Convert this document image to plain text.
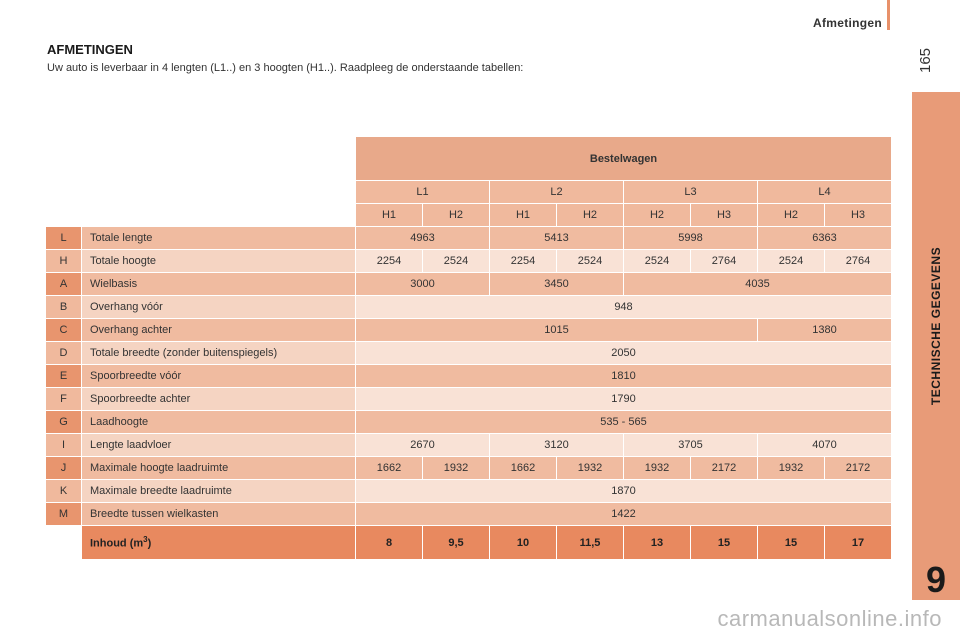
Afmetingen
165
TECHNISCHE GEGEVENS
9
AFMETINGEN
Uw auto is leverbaar in 4 lengten (L1..) en 3 hoogten (H1..). Raadpleeg de onderstaande tabellen:
		Bestelwagen							
		L1		L2		L3		L4	
		H1	H2	H1	H2	H2	H3	H2	H3
L	Totale lengte	4963		5413		5998		6363	
H	Totale hoogte	2254	2524	2254	2524	2524	2764	2524	2764
A	Wielbasis	3000		3450		4035			
B	Overhang vóór	948							
C	Overhang achter	1015						1380	
D	Totale breedte (zonder buitenspiegels)	2050							
E	Spoorbreedte vóór	1810							
F	Spoorbreedte achter	1790							
G	Laadhoogte	535 - 565							
I	Lengte laadvloer	2670		3120		3705		4070	
J	Maximale hoogte laadruimte	1662	1932	1662	1932	1932	2172	1932	2172
K	Maximale breedte laadruimte	1870							
M	Breedte tussen wielkasten	1422							
	Inhoud $(m^3)$	8	9,5	10	11,5	13	15	15	17
carmanualsonline.info
